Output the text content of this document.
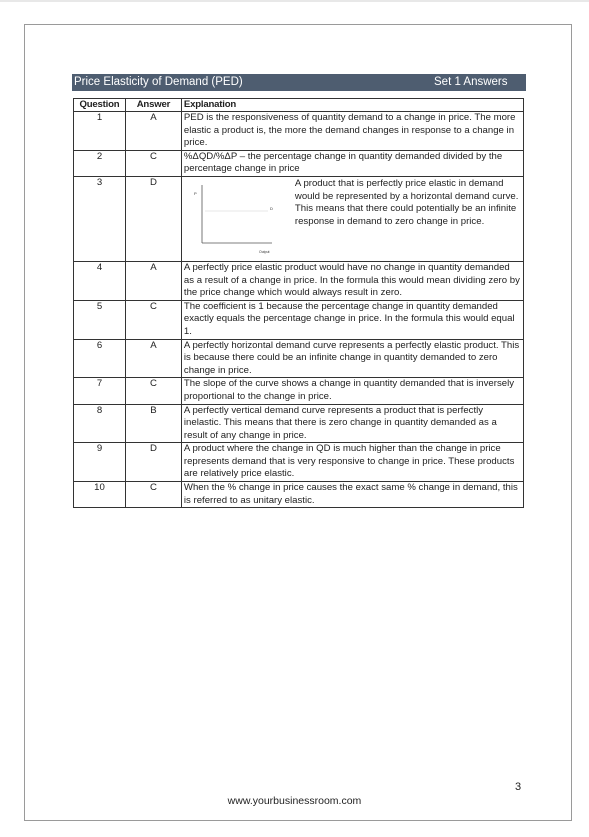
Price Elasticity of Demand (PED)	Set 1 Answers
Question	Answer	Explanation
1	A	PED is the responsiveness of quantity demand to a change in price. The more elastic a product is, the more the demand changes in response to a change in price.
2	C	%ΔQD/%ΔP – the percentage change in quantity demanded divided by the percentage change in price
3	D	P
D
Output
A product that is perfectly price elastic in demand would be represented by a horizontal demand curve. This means that there could potentially be an infinite response in demand to zero change in price.

4	A	A perfectly price elastic product would have no change in quantity demanded as a result of a change in price. In the formula this would mean dividing zero by the price change which would always result in zero.
5	C	The coefficient is 1 because the percentage change in quantity demanded exactly equals the percentage change in price. In the formula this would equal 1.
6	A	A perfectly horizontal demand curve represents a perfectly elastic product. This is because there could be an infinite change in quantity demanded to zero change in price.
7	C	The slope of the curve shows a change in quantity demanded that is inversely proportional to the change in price.
8	B	A perfectly vertical demand curve represents a product that is perfectly inelastic. This means that there is zero change in quantity demanded as a result of any change in price.
9	D	A product where the change in QD is much higher than the change in price represents demand that is very responsive to change in price. These products are relatively price elastic.
10	C	When the % change in price causes the exact same % change in demand, this is referred to as unitary elastic.
3
www.yourbusinessroom.com
